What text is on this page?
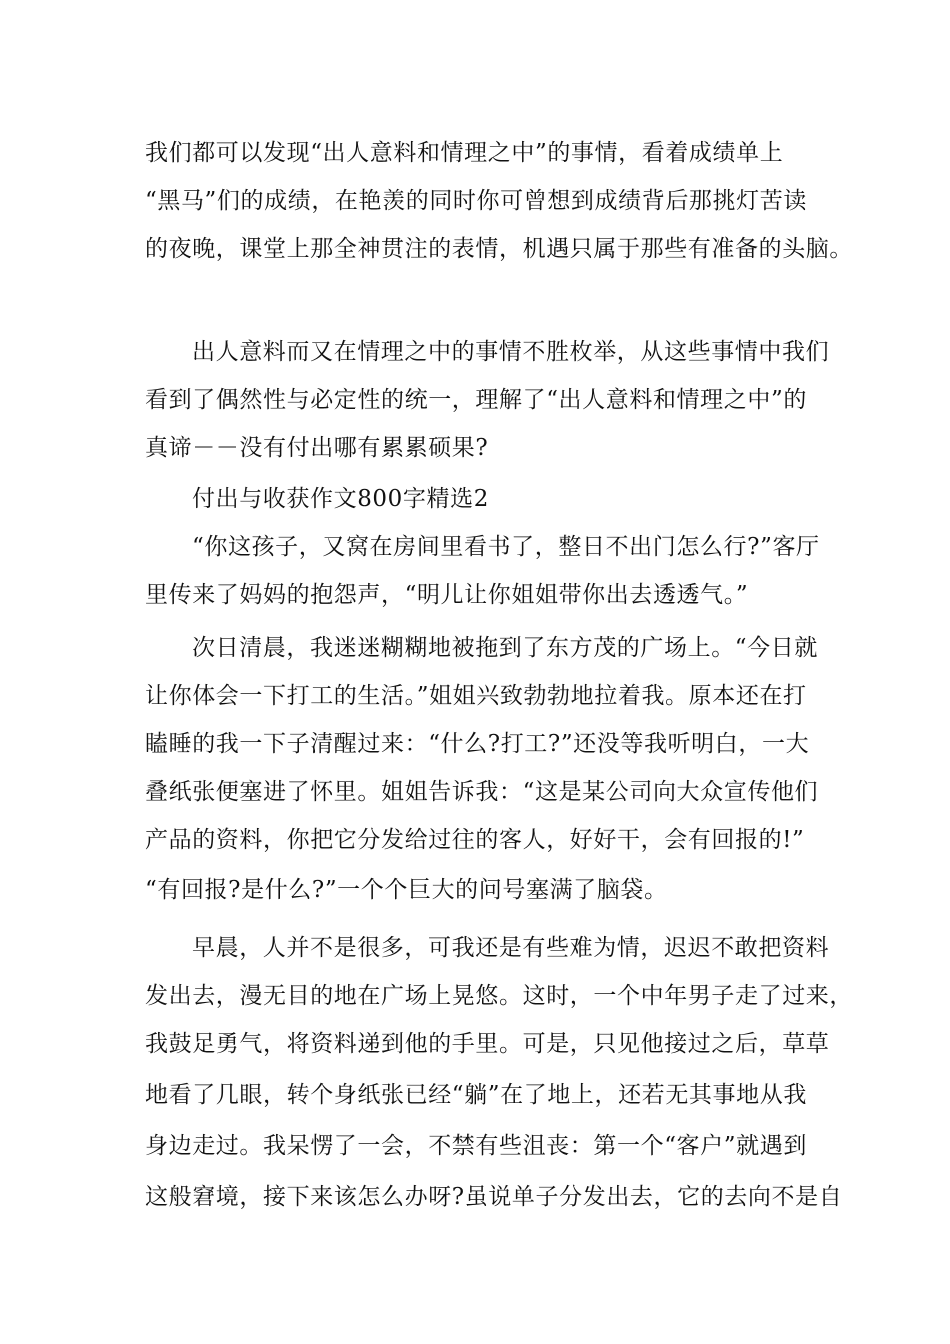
我们都可以发现“出人意料和情理之中”的事情，看着成绩单上
“黑马”们的成绩，在艳羡的同时你可曾想到成绩背后那挑灯苦读
的夜晚，课堂上那全神贯注的表情，机遇只属于那些有准备的头脑。
出人意料而又在情理之中的事情不胜枚举，从这些事情中我们
看到了偶然性与必定性的统一，理解了“出人意料和情理之中”的
真谛－－没有付出哪有累累硕果?
付出与收获作文800字精选2
“你这孩子，又窝在房间里看书了，整日不出门怎么行?”客厅
里传来了妈妈的抱怨声，“明儿让你姐姐带你出去透透气。”
次日清晨，我迷迷糊糊地被拖到了东方茂的广场上。“今日就
让你体会一下打工的生活。”姐姐兴致勃勃地拉着我。原本还在打
瞌睡的我一下子清醒过来：“什么?打工?”还没等我听明白，一大
叠纸张便塞进了怀里。姐姐告诉我：“这是某公司向大众宣传他们
产品的资料，你把它分发给过往的客人，好好干，会有回报的!”
“有回报?是什么?”一个个巨大的问号塞满了脑袋。
早晨，人并不是很多，可我还是有些难为情，迟迟不敢把资料
发出去，漫无目的地在广场上晃悠。这时，一个中年男子走了过来，
我鼓足勇气，将资料递到他的手里。可是，只见他接过之后，草草
地看了几眼，转个身纸张已经“躺”在了地上，还若无其事地从我
身边走过。我呆愣了一会，不禁有些沮丧：第一个“客户”就遇到
这般窘境，接下来该怎么办呀?虽说单子分发出去，它的去向不是自
